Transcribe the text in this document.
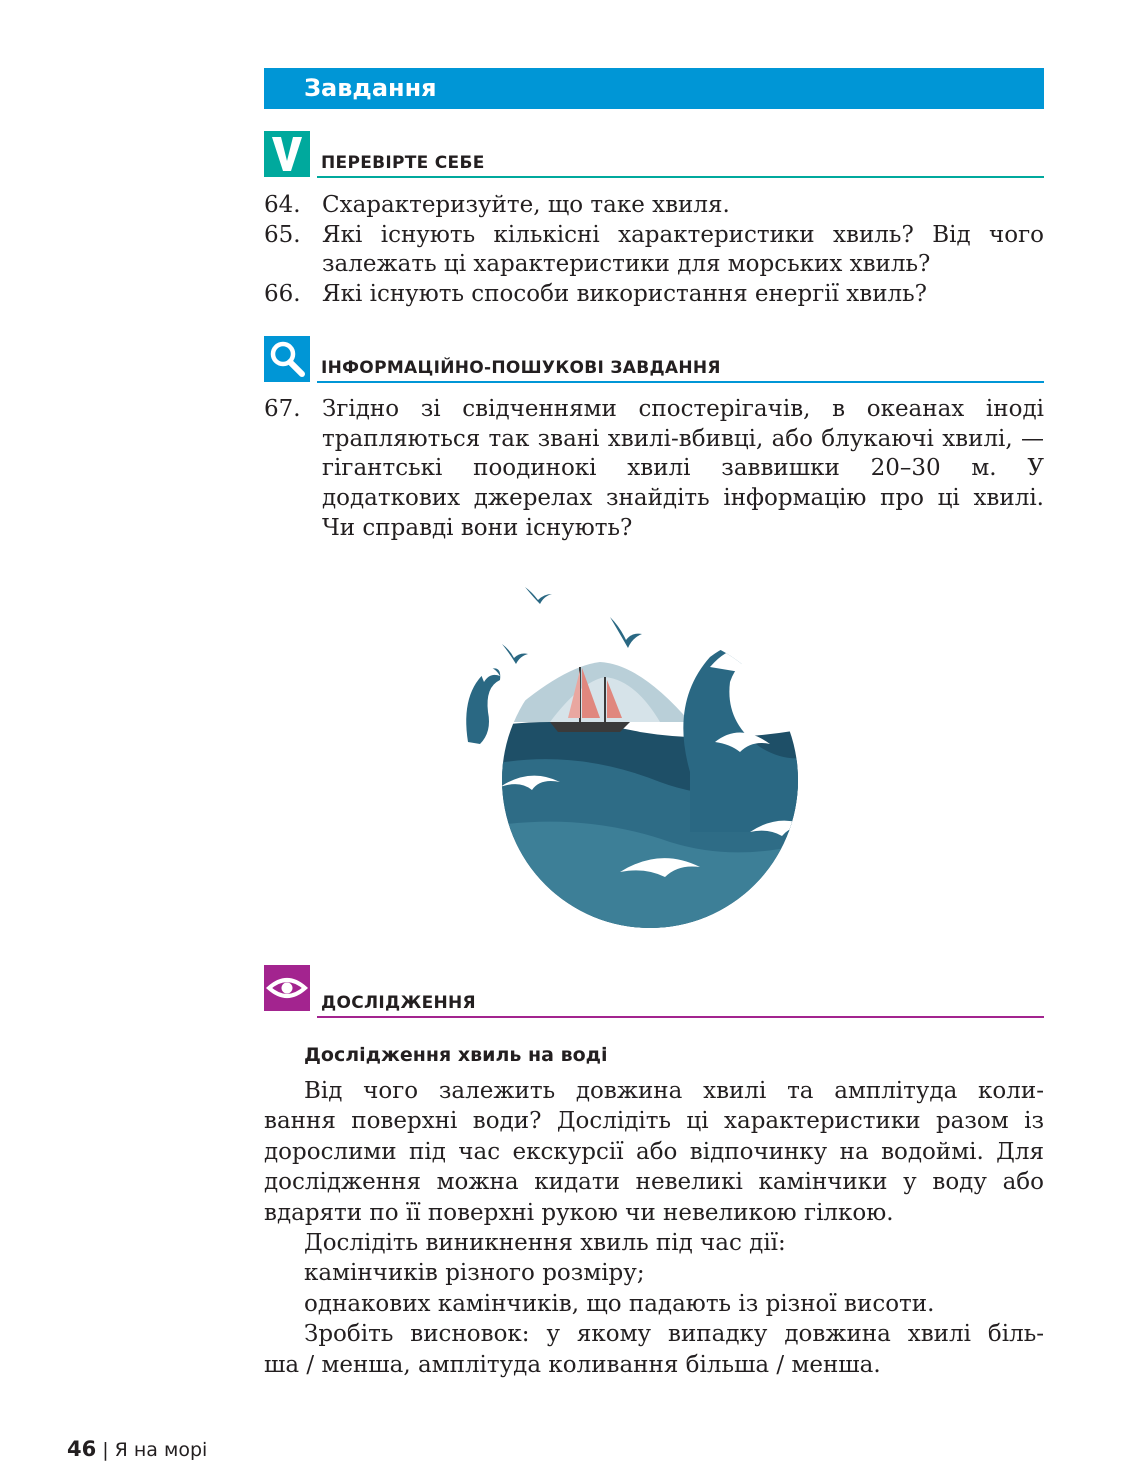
Завдання
ПЕРЕВІРТЕ СЕБЕ
64. Схарактеризуйте, що таке хвиля.
65. Які існують кількісні характеристики хвиль? Від чого залежать ці характеристики для морських хвиль?
66. Які існують способи використання енергії хвиль?
ІНФОРМАЦІЙНО-ПОШУКОВІ ЗАВДАННЯ
67. Згідно зі свідченнями спостерігачів, в океанах іноді трапляються так звані хвилі-вбивці, або блукаючі хвилі, — гігантські поодинокі хвилі заввишки 20–30 м. У додаткових джерелах знайдіть інформацію про ці хвилі. Чи справді вони існують?
ДОСЛІДЖЕННЯ
Дослідження хвиль на воді

Від чого залежить довжина хвилі та амплітуда коли-

вання поверхні води? Дослідіть ці характеристики разом із

дорослими під час екскурсії або відпочинку на водоймі. Для

дослідження можна кидати невеликі камінчики у воду або

вдаряти по її поверхні рукою чи невеликою гілкою.

Дослідіть виникнення хвиль під час дії:

камінчиків різного розміру;

однакових камінчиків, що падають із різної висоти.

Зробіть висновок: у якому випадку довжина хвилі біль-

ша / менша, амплітуда коливання більша / менша.

46 | Я на морі
